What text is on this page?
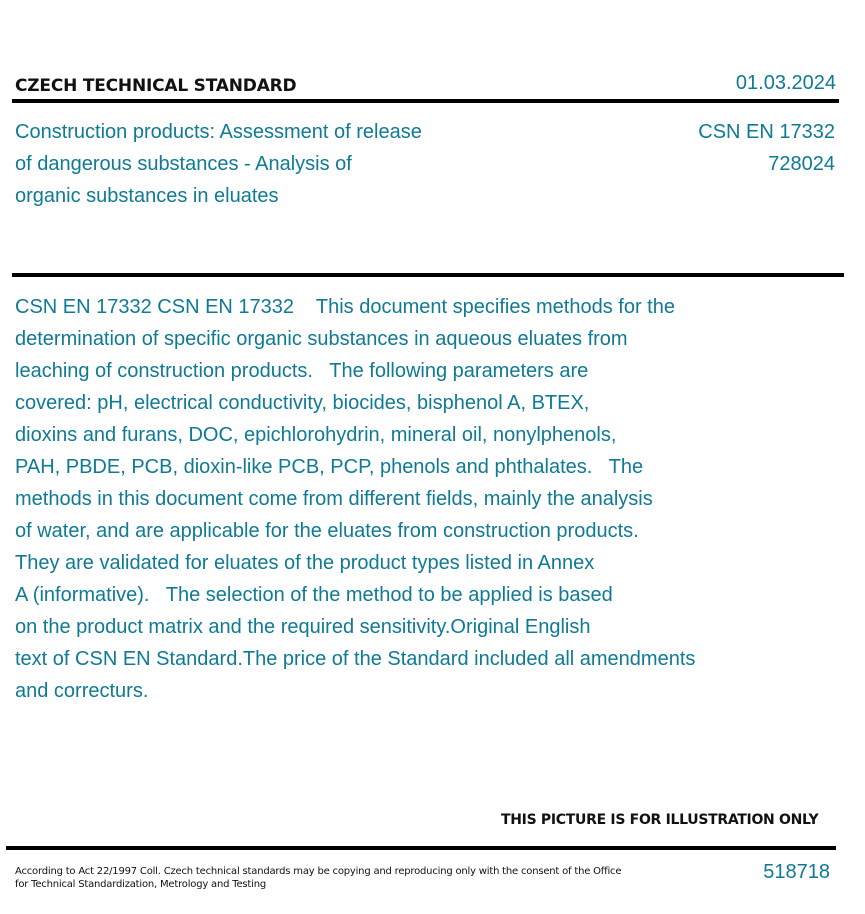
CZECH TECHNICAL STANDARD	01.03.2024
Construction products: Assessment of release
of dangerous substances - Analysis of
organic substances in eluates
CSN EN 17332
728024
CSN EN 17332 CSN EN 17332    This document specifies methods for the
determination of specific organic substances in aqueous eluates from
leaching of construction products.   The following parameters are
covered: pH, electrical conductivity, biocides, bisphenol A, BTEX,
dioxins and furans, DOC, epichlorohydrin, mineral oil, nonylphenols,
PAH, PBDE, PCB, dioxin-like PCB, PCP, phenols and phthalates.   The
methods in this document come from different fields, mainly the analysis
of water, and are applicable for the eluates from construction products.
They are validated for eluates of the product types listed in Annex
A (informative).   The selection of the method to be applied is based
on the product matrix and the required sensitivity.Original English
text of CSN EN Standard.The price of the Standard included all amendments
and correcturs.
THIS PICTURE IS FOR ILLUSTRATION ONLY
According to Act 22/1997 Coll. Czech technical standards may be copying and reproducing only with the consent of the Office
for Technical Standardization, Metrology and Testing
518718
